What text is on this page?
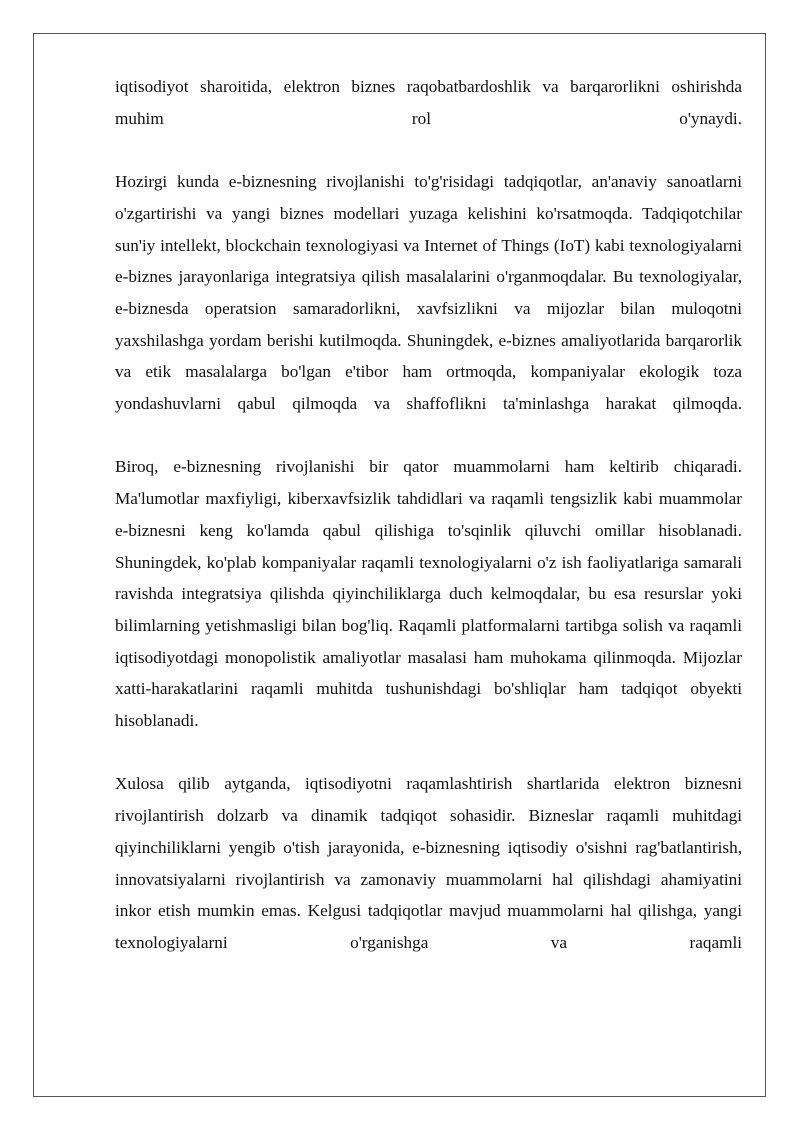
iqtisodiyot sharoitida, elektron biznes raqobatbardoshlik va barqarorlikni oshirishda muhim rol o'ynaydi.

Hozirgi kunda e-biznesning rivojlanishi to'g'risidagi tadqiqotlar, an'anaviy sanoatlarni o'zgartirishi va yangi biznes modellari yuzaga kelishini ko'rsatmoqda. Tadqiqotchilar sun'iy intellekt, blockchain texnologiyasi va Internet of Things (IoT) kabi texnologiyalarni e-biznes jarayonlariga integratsiya qilish masalalarini o'rganmoqdalar. Bu texnologiyalar, e-biznesda operatsion samaradorlikni, xavfsizlikni va mijozlar bilan muloqotni yaxshilashga yordam berishi kutilmoqda. Shuningdek, e-biznes amaliyotlarida barqarorlik va etik masalalarga bo'lgan e'tibor ham ortmoqda, kompaniyalar ekologik toza yondashuvlarni qabul qilmoqda va shaffoflikni ta'minlashga harakat qilmoqda.

Biroq, e-biznesning rivojlanishi bir qator muammolarni ham keltirib chiqaradi. Ma'lumotlar maxfiyligi, kiberxavfsizlik tahdidlari va raqamli tengsizlik kabi muammolar e-biznesni keng ko'lamda qabul qilishiga to'sqinlik qiluvchi omillar hisoblanadi. Shuningdek, ko'plab kompaniyalar raqamli texnologiyalarni o'z ish faoliyatlariga samarali ravishda integratsiya qilishda qiyinchiliklarga duch kelmoqdalar, bu esa resurslar yoki bilimlarning yetishmasligi bilan bog'liq. Raqamli platformalarni tartibga solish va raqamli iqtisodiyotdagi monopolistik amaliyotlar masalasi ham muhokama qilinmoqda. Mijozlar xatti-harakatlarini raqamli muhitda tushunishdagi bo'shliqlar ham tadqiqot obyekti hisoblanadi.

Xulosa qilib aytganda, iqtisodiyotni raqamlashtirish shartlarida elektron biznesni rivojlantirish dolzarb va dinamik tadqiqot sohasidir. Bizneslar raqamli muhitdagi qiyinchiliklarni yengib o'tish jarayonida, e-biznesning iqtisodiy o'sishni rag'batlantirish, innovatsiyalarni rivojlantirish va zamonaviy muammolarni hal qilishdagi ahamiyatini inkor etish mumkin emas. Kelgusi tadqiqotlar mavjud muammolarni hal qilishga, yangi texnologiyalarni o'rganishga va raqamli
